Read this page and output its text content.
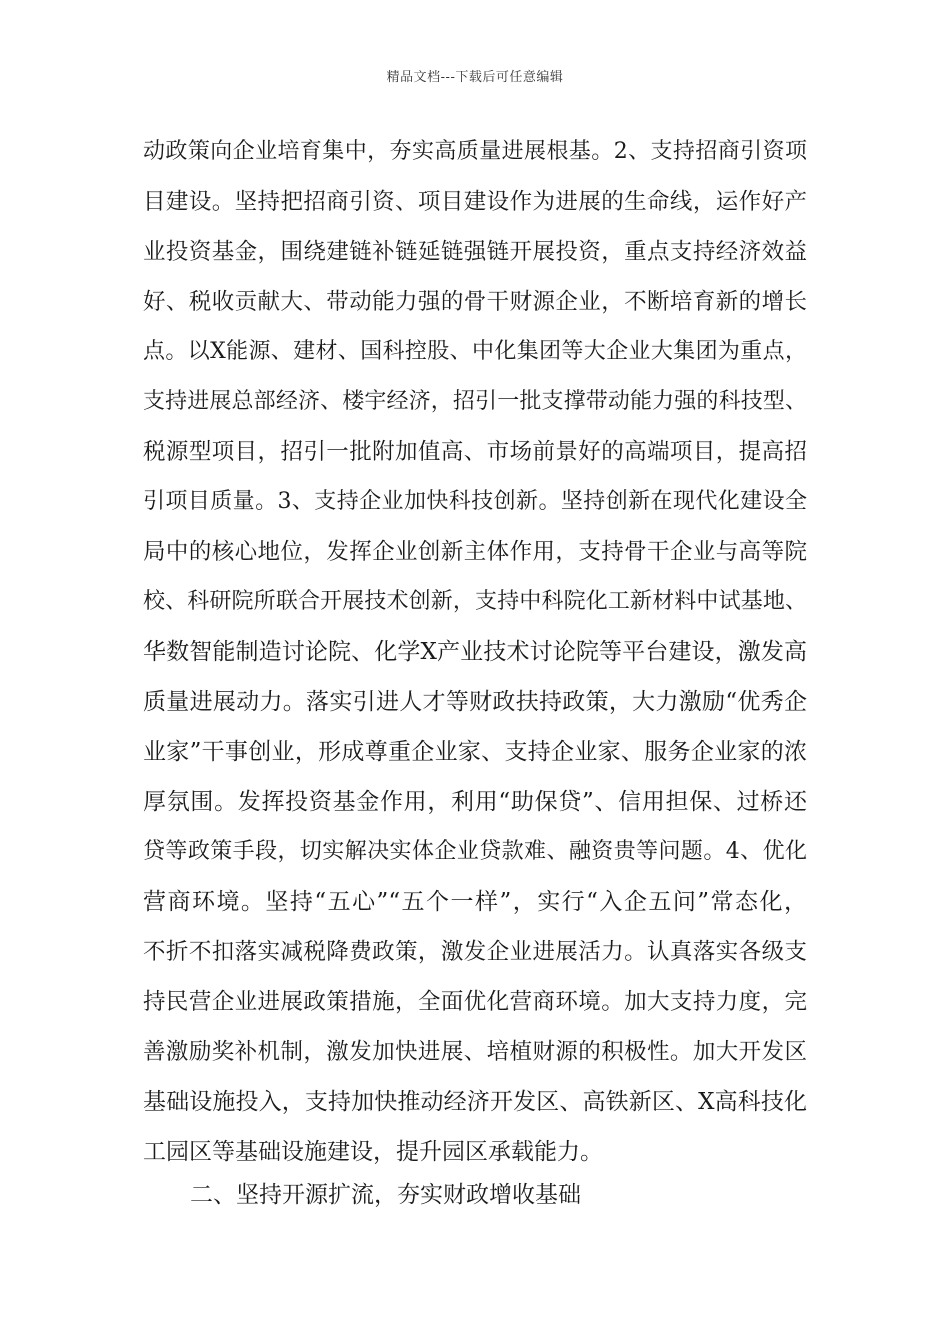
精品文档---下载后可任意编辑
动政策向企业培育集中，夯实高质量进展根基。2、支持招商引资项
目建设。坚持把招商引资、项目建设作为进展的生命线，运作好产
业投资基金，围绕建链补链延链强链开展投资，重点支持经济效益
好、税收贡献大、带动能力强的骨干财源企业，不断培育新的增长
点。以X能源、建材、国科控股、中化集团等大企业大集团为重点，
支持进展总部经济、楼宇经济，招引一批支撑带动能力强的科技型、
税源型项目，招引一批附加值高、市场前景好的高端项目，提高招
引项目质量。3、支持企业加快科技创新。坚持创新在现代化建设全
局中的核心地位，发挥企业创新主体作用，支持骨干企业与高等院
校、科研院所联合开展技术创新，支持中科院化工新材料中试基地、
华数智能制造讨论院、化学X产业技术讨论院等平台建设，激发高
质量进展动力。落实引进人才等财政扶持政策，大力激励“优秀企
业家”干事创业，形成尊重企业家、支持企业家、服务企业家的浓
厚氛围。发挥投资基金作用，利用“助保贷”、信用担保、过桥还
贷等政策手段，切实解决实体企业贷款难、融资贵等问题。4、优化
营商环境。坚持“五心”“五个一样”，实行“入企五问”常态化，
不折不扣落实减税降费政策，激发企业进展活力。认真落实各级支
持民营企业进展政策措施，全面优化营商环境。加大支持力度，完
善激励奖补机制，激发加快进展、培植财源的积极性。加大开发区
基础设施投入，支持加快推动经济开发区、高铁新区、X高科技化
工园区等基础设施建设，提升园区承载能力。
二、坚持开源扩流，夯实财政增收基础
